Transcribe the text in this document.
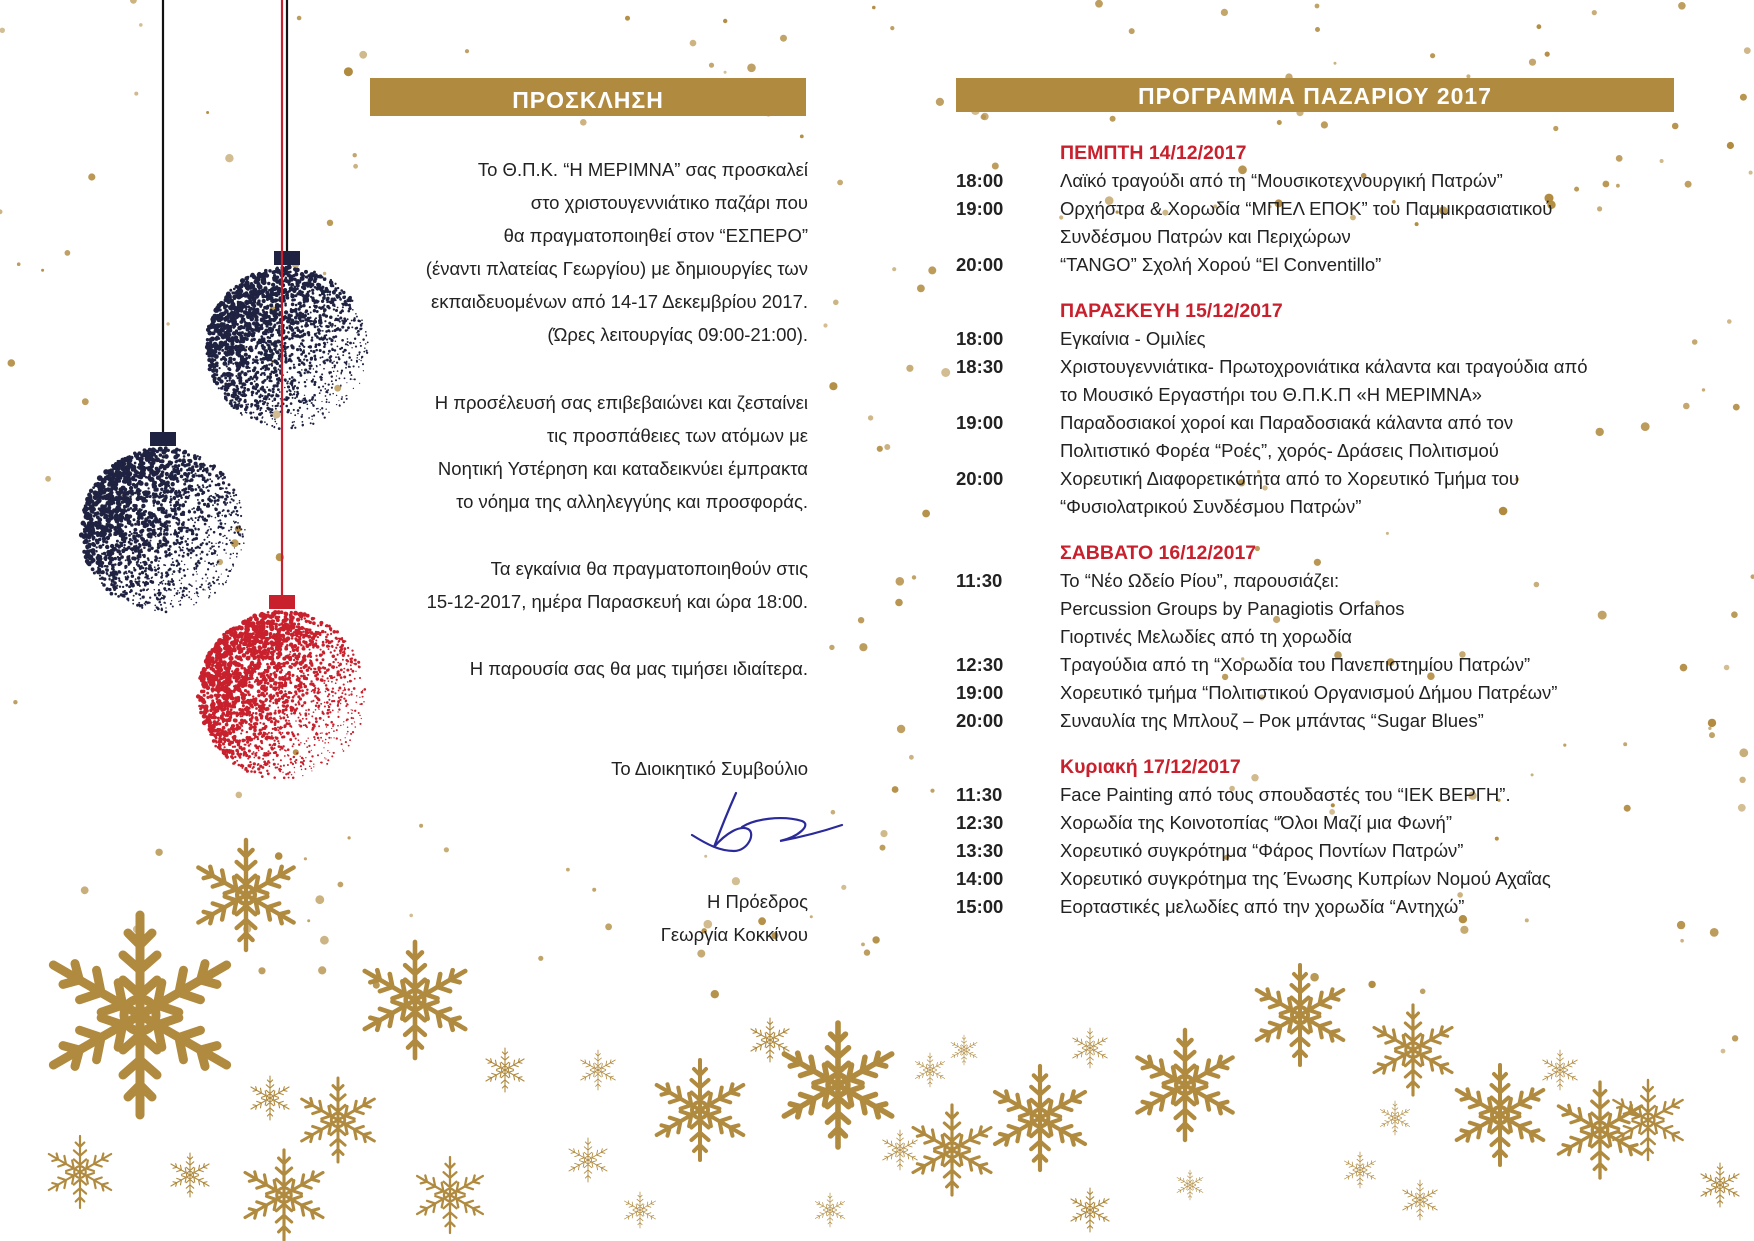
ΠΡΟΣΚΛΗΣΗ

Το Θ.Π.Κ. “Η ΜΕΡΙΜΝΑ” σας προσκαλεί

στο χριστουγεννιάτικο παζάρι που

θα πραγματοποιηθεί στον “ΕΣΠΕΡΟ”

(έναντι πλατείας Γεωργίου) με δημιουργίες των

εκπαιδευομένων από 14-17 Δεκεμβρίου 2017.

(Ώρες λειτουργίας 09:00-21:00).

Η προσέλευσή σας επιβεβαιώνει και ζεσταίνει

τις προσπάθειες των ατόμων με

Νοητική Υστέρηση και καταδεικνύει έμπρακτα

το νόημα της αλληλεγγύης και προσφοράς.

Τα εγκαίνια θα πραγματοποιηθούν στις

15-12-2017, ημέρα Παρασκευή και ώρα 18:00.

Η παρουσία σας θα μας τιμήσει ιδιαίτερα.

Το Διοικητικό Συμβούλιο

Η Πρόεδρος

Γεωργία Κοκκίνου

ΠΡΟΓΡΑΜΜΑ ΠΑΖΑΡΙΟΥ 2017
ΠΕΜΠΤΗ 14/12/2017
18:00	Λαϊκό τραγούδι από τη “Μουσικοτεχνουργική Πατρών”
19:00	Ορχήστρα & Χορωδία “ΜΠΕΛ ΕΠΟΚ” του Παμμικρασιατικού
Συνδέσμου Πατρών και Περιχώρων
20:00	“TANGO” Σχολή Χορού “El Conventillo”
ΠΑΡΑΣΚΕΥΗ 15/12/2017
18:00	Εγκαίνια - Ομιλίες
18:30	Χριστουγεννιάτικα- Πρωτοχρονιάτικα κάλαντα και τραγούδια από
το Μουσικό Εργαστήρι του Θ.Π.Κ.Π «Η ΜΕΡΙΜΝΑ»
19:00	Παραδοσιακοί χοροί και Παραδοσιακά κάλαντα από τον
Πολιτιστικό Φορέα “Ροές”, χορός- Δράσεις Πολιτισμού
20:00	Χορευτική Διαφορετικότητα από το Χορευτικό Τμήμα του
“Φυσιολατρικού Συνδέσμου Πατρών”
ΣΑΒΒΑΤΟ 16/12/2017
11:30	Το “Νέο Ωδείο Ρίου”, παρουσιάζει:
Percussion Groups by Panagiotis Orfanos
Γιορτινές Μελωδίες από τη χορωδία
12:30	Τραγούδια από τη “Χορωδία του Πανεπιστημίου Πατρών”
19:00	Χορευτικό τμήμα “Πολιτιστικού Οργανισμού Δήμου Πατρέων”
20:00	Συναυλία της Μπλουζ – Ροκ μπάντας “Sugar Blues”
Κυριακή 17/12/2017
11:30	Face Painting από τους σπουδαστές του “ΙΕΚ ΒΕΡΓΗ”.
12:30	Χορωδία της Κοινοτοπίας “Όλοι Μαζί μια Φωνή”
13:30	Χορευτικό συγκρότημα “Φάρος Ποντίων Πατρών”
14:00	Χορευτικό συγκρότημα της Ένωσης Κυπρίων Νομού Αχαΐας
15:00	Εορταστικές μελωδίες από την χορωδία “Αντηχώ”
